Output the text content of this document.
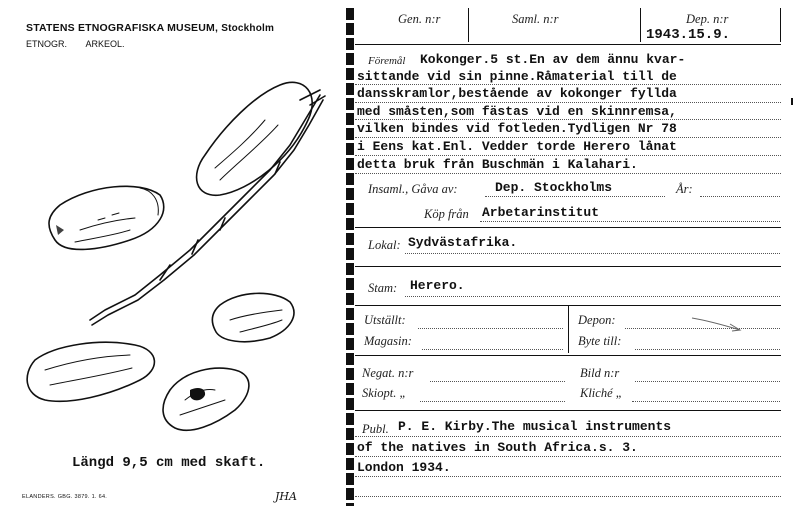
STATENS ETNOGRAFISKA MUSEUM, Stockholm
ETNOGR. ARKEOL.
Längd 9,5 cm med skaft.
ELANDERS. GBG. 3879. 1. 64.	JHA
Gen. n:r	Saml. n:r	Dep. n:r
1943.15.9.
Föremål Kokonger.5 st.En av dem ännu kvar-
sittande vid sin pinne.Råmaterial till de
dansskramlor,bestående av kokonger fyllda
med småsten,som fästas vid en skinnremsa,
vilken bindes vid fotleden.Tydligen Nr 78
i Eens kat.Enl. Vedder torde Herero lånat
detta bruk från Buschmän i Kalahari.
Insaml., Gåva av:	Dep. Stockholms	År:
Köp från Arbetarinstitut
Lokal: Sydvästafrika.
Stam: Herero.
Utställt:	Depon:
Magasin:	Byte till:
Negat. n:r	Bild n:r
Skiopt. „	Kliché „
Publ. P. E. Kirby.The musical instruments
of the natives in South Africa.s. 3.
London 1934.
